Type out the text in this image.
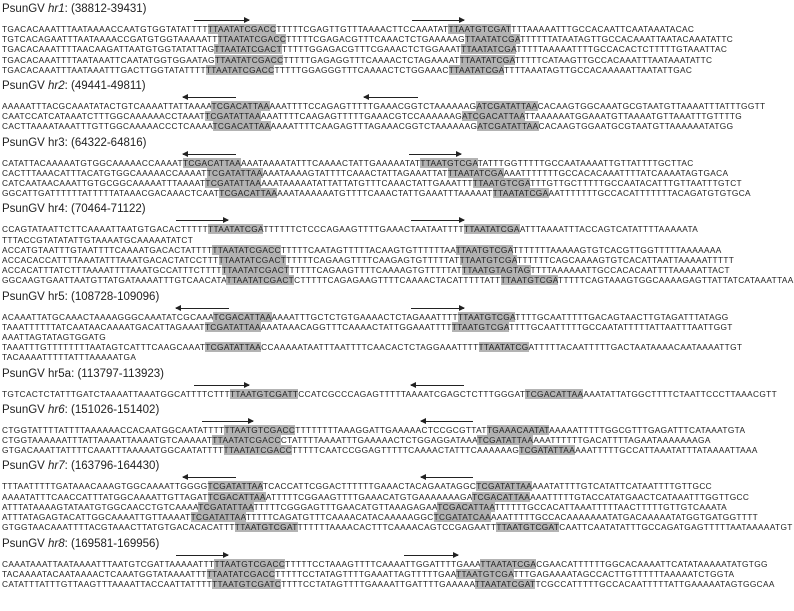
PsunGV hr1: (38812-39431)
TGACACAAATTTAATAAAACCAATGTGGTATATTTTTTAATATCGACCTTTTTCGAGTTGTTTAAAACTTCCAAATATTTAATGTCGATTTTAAAAATTTGCCACAATTCAATAAATACAC
TGTCACAGAATTTAATAAAACCGATGTGGTAAAAATTTTAATATCGACCTTTTTCGAGACGTTTCAAACTCTGAAAAAGTTAATATCGATTTTTTATAATAGTTGCCACAAATTAATACAAATATTC
TGACACAAATTTTAACAAGATTAATGTGGTATATTAGTTAATATCGACTTTTTTGGAGACGTTTCGAAACTCTGGAAATTTAATATCGATTTTTAAAAATTTTGCCACACTCTTTTTGTAAATTAC
TGACACAAATTTTAATAAATTCAATATGGTGGAATAGTTAATATCGACCTTTTTGAGAGGTTTCAAAACTCTAGAAAATTTAATATCGATTTTTCATAAGTTGCCACAAATTTAATAAATATTC
TGACACAAATTTAATAAATTTGACTTGGTATATTTTTTAATATCGACCTTTTTGGAGGGTTTCAAAACTCTGGAAACTTAATATCGATTTTAAATAGTTGCCACAAAAATTAATATTGAC
PsunGV hr2: (49441-49811)
AAAAATTTACGCAAATATACTGTCAAAATTATTAAAATCGACATTAAAAATTTTCCAGAGTTTTTGAAACGGTCTAAAAAAGATCGATATTAACACAAGTGGCAAATGCGTAATGTTAAAATTTATTTGGTT
CAATCCATCATAAATCTTTGGCAAAAAACCTAAATTCGATATTAAAAATTTTCAAGAGTTTTTGAAACGTCCAAAAAAGATCGACATTAATTAAAAAATGGAAATGTTAAAATGTTAAATTTGTTTTG
CACTTAAAATAAATTTGTTGGCAAAAACCCTCAAAATCGACATTAAAAAATTTTCAAGAGTTTAGAAACGGTCTAAAAAAGATCGATATTAACACAAGTGGAATGCGTAATGTTAAAAAATATGG
PsunGV hr3: (64322-64816)
CATATTACAAAAATGTGGCAAAAACCAAAATTCGACATTAAAAATAAAATATTTCAAAACTATTGAAAAATATTTAATGTCGATATTTGGTTTTTGCCAATAAAATTGTTATTTTGCTTAC
CACTTTAAACATTTACATGTGGCAAAAACCAAAATTCGATATTAAAAATAAAAGTATTTTCAAACTATTAGAAATTATTTAATATCGAAAATTTTTTTGCCACACAAATTTTATCAAAATAGTGACA
CATCAATAACAAATTGTGCGGCAAAAATTTAAAATTCGATATTAAAAATAAAAATATTATTATGTTTCAAACTATTGAAATTTTTAATGTCGATTTGTTGCTTTTTGCCAATACATTTGTTAATTTGTCT
GGCATTGATTTTTTATTTTTATAAACGACAAACTCAATTCGACATTAAAAATAAAAAATGTTTTCAAACTATTGAAATTTAAAAATTTAATATCGAAATTTTTTTGCCACATTTTTTTACAGATGTGTGCA
PsunGV hr4: (70464-71122)
CCAGTATAATTCTTCAAAATTAATGTGACACTTTTTTTAATATCGATTTTTTCTCCCAGAAGTTTTGAAACTAATAATTTTTTAATATCGAATTTAAAATTTACCAGTCATATTTTAAAAATA
TTTACCGTATATATTGTAAAATGCAAAAATATCT
ACCATGTAATTTGTAATTTTCAAAATGACACTATTTTTTAATATCGACCTTTTTCAATAGTTTTTACAAGTGTTTTTTAATTAATGTCGATTTTTTTAAAAAGTGTCACGTTGGTTTTTAAAAAAA
ACCACACCATTTTAAATATTTAAATGACACTATCCTTTTTAATATCGACTTTTTTCAGAAGTTTTCAAGAGTGTTTTTATTTAATGTCGATTTTTTCAGCAAAAGTGTCACATTAATTAAAAATTTTT
ACCACATTTATCTTTAAAATTTTAAATGCCATTTCTTTTTTAATATCGACTTTTTTCAGAAGTTTTCAAAAGTGTTTTTATTTAATGTAGTAGTTTTAAAAAATTGCCACACAATTTTAAAAATTACT
GGCAAGTGAATTAATGTTATGATAAAATTTGTCAACATATTAATATCGACTCTTTTTCAGAGAAGTTTTCAAAACTACATTTTTATTTTAATGTCGATTTTTCAGTAAAGTGGCAAAAGAGTTATTATCATAAATTAA
PsunGV hr5: (108728-109096)
ACAAATTATGCAAACTAAAAGGGCAAATATCGCAAATCGACATTAAAAAATTTGCTCTGTGAAAACTCTAGAAATTTTTTAATGTCGATTTTGCAATTTTTGACAGTAACTTGTAGATTTATAGG
TAAATTTTTTATCAATAACAAAATGACATTAGAAATTCGATATTAAAAATAAACAGGTTTCAAAACTATTGGAAATTTTTTAATGTCGATTTTGCAATTTTTGCCAATATTTTTATTAATTTAATTGGT
AAATTAGTATAGTGGATG
TAAATTTGTTTTTTTTAATAGTCATTTCAAGCAAATTCGATATTAACCAAAAATAATTTAATTTTCAACACTCTAGGAAATTTTTTAATATCGATTTTTACAATTTTTGACTAATAAAACAATAAAATTGT
TACAAAATTTTTATTTAAAAATGA
PsunGV hr5a: (113797-113923)
TGTCACTCTATTTGATCTAAAATTAAATGGCATTTTCTTTTTAATGTCGATTCCATCGCCCAGAGTTTTTAAAATCGAGCTCTTTGGGATTCGACATTAAAAATATTATGGCTTTTCTAATTCCCTTAAACGTT
PsunGV hr6: (151026-151402)
CTGGTATTTTATTTTAAAAAACCACAATGGCAATATTTTTTAATGTCGACCTTTTTTTTAAAGGATTGAAAAACTCCGCGTTATTGAAACAATATAAAAATTTTTGGCGTTTGAGATTTCATAAATGTA
CTGGTAAAAAATTTATTAAAATTAAAATGTCAAAAATTTAATATCGACCCTATTTTAAAATTTGAAAAACTCTGGAGGATAAATCGATATTAAAAATTTTTTGACATTTTAGAATAAAAAAAGA
GTGACAAATTATTTTCAAATTTAAAAATGGCAATATTTTTTAATATCGACCTTTTTCAATCCGGAGTTTTTCAAAACTATTTCAAAAAAGTCGATATTAAAAATTTTTGCCATTAAATATTTATAAAATTAAA
PsunGV hr7: (163796-164430)
TTTAATTTTTGATAAACAAAGTGGCAAAATTGGGGTCGATATTAATCACCATTCGGACTTTTTTGAAACTACAGAATAGGCTCGATATTAAAAATATTTTGTCATATTCATAATTTTGTTGCC
AAAATATTTCAACCATTTATGGCAAAATTGTTAGATTCGACATTAAATTTTTCGGAAGTTTTGAAACATGTGAAAAAAAGATCGACATTAAAAATTTTTGTACCATATGAACTCATAAATTTGGTTGCC
ATTTATAAAAGTATAATGTGGCAACCTGTCAAAATCGATATTAATTTTTCGGGAGTTTGAACATGTTAAAGAGAATCGACATTAATTTTTTGCCACATTAAATTTTTAACTTTTTGTTGTCAAATA
ATTTATAGAGTACATTGGCAAAATTGTTAAAATTCGATATTAATTTTTCAGATGTTTCAAAACATACAAAAAGGCTCGATATCAAAAATTTTTGCCACAAAAAAATATGACAAAAATATGGTGATGGTTTT
GTGGTAACAAATTTTACGTAAACTTATGTGACACACATTTTTAATGTCGATTTTTTTAAAACACTTTCAAAACAGTCCGAGAATTTTAATGTCGATCAATTCAATATATTTGCCAGATGAGTTTTTAATAAAAATGT
PsunGV hr8: (169581-169956)
CAAATAAATTAATAAAATTTAATGTCGATTAAAAATTTTTAATGTCGACCTTTTTCCTAAAGTTTTCAAAATTGGATTTTGAAATTAATATCGACGAACATTTTTTGGCACAAAATTCATATAAAAATATGTGG
TACAAAATACAATAAAACTCAAATGGTATAAAATTTTTAATATCGACCTTTTTCCTATAGTTTTGAAATTAGTTTTTGAATTAATGTCGATTTGAGAAAATAGCCACTTGTTTTTTAAAAATCTGGTA
CATATTTATTTGTTAAGTTTAAAATTACCAATTATTTTTTAATGTCGATCTTTTCCTATAGTTTTGAAAATTGATTTTGAAAAATTAATATCGATTCGCCATTTTTGCCACAATTTTTATTGAAAAATAGTGGCAA
